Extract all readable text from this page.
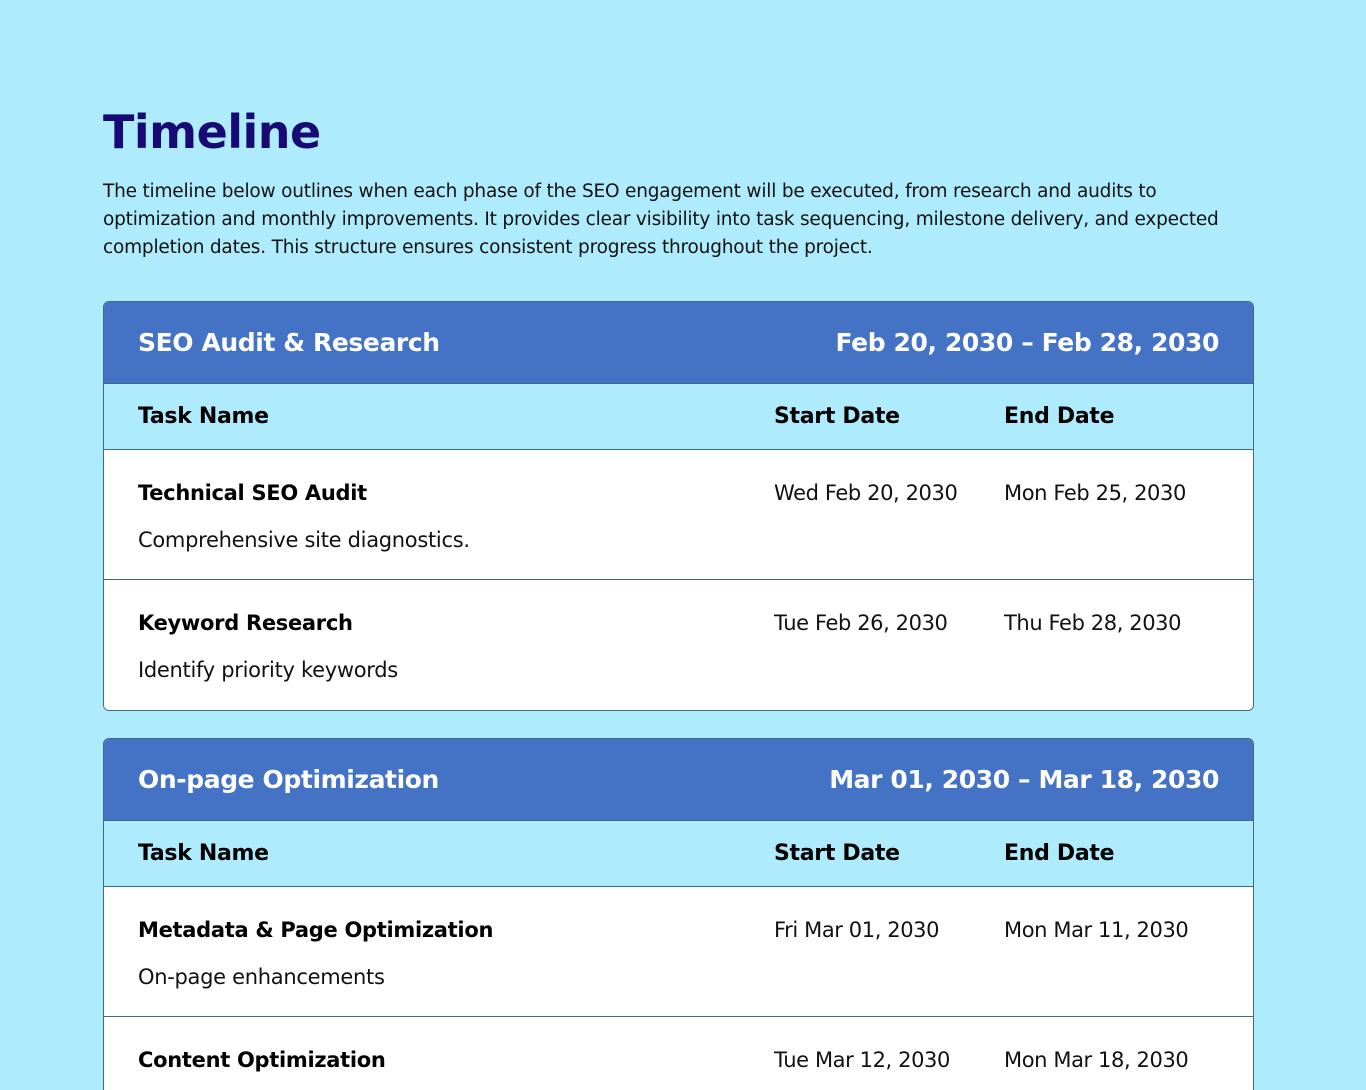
Timeline

The timeline below outlines when each phase of the SEO engagement will be executed, from research and audits to optimization and monthly improvements. It provides clear visibility into task sequencing, milestone delivery, and expected completion dates. This structure ensures consistent progress throughout the project.

SEO Audit & Research	Feb 20, 2030 – Feb 28, 2030
Task Name	Start Date	End Date
Technical SEO Audit
Comprehensive site diagnostics.
Wed Feb 20, 2030	Mon Feb 25, 2030
Keyword Research
Identify priority keywords
Tue Feb 26, 2030	Thu Feb 28, 2030
On-page Optimization	Mar 01, 2030 – Mar 18, 2030
Task Name	Start Date	End Date
Metadata & Page Optimization
On-page enhancements
Fri Mar 01, 2030	Mon Mar 11, 2030
Content Optimization	Tue Mar 12, 2030	Mon Mar 18, 2030
